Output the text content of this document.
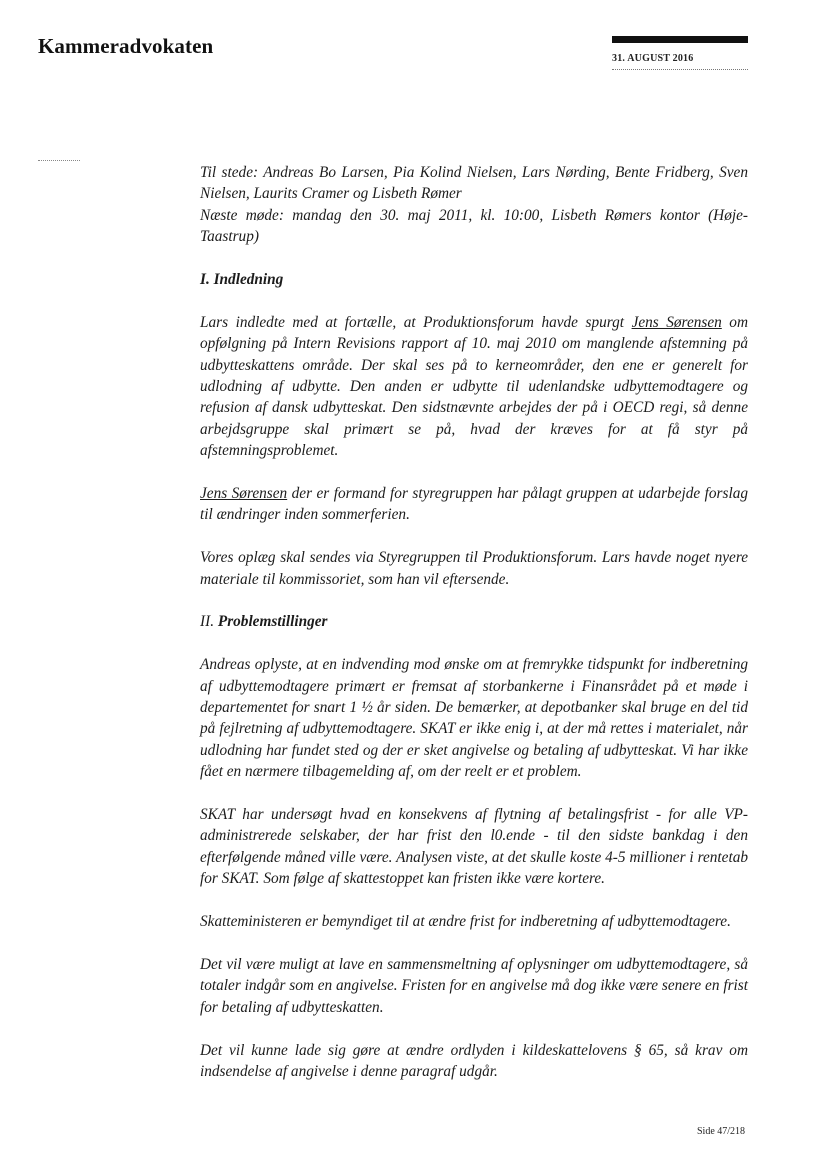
Kammeradvokaten
31. AUGUST 2016

Til stede: Andreas Bo Larsen, Pia Kolind Nielsen, Lars Nørding, Bente Fridberg, Sven Nielsen, Laurits Cramer og Lisbeth Rømer

Næste møde: mandag den 30. maj 2011, kl. 10:00, Lisbeth Rømers kontor (Høje-Taastrup)

I. Indledning

Lars indledte med at fortælle, at Produktionsforum havde spurgt Jens Sørensen om opfølgning på Intern Revisions rapport af 10. maj 2010 om manglende afstemning på udbytteskattens område. Der skal ses på to kerneområder, den ene er generelt for udlodning af udbytte. Den anden er udbytte til udenlandske udbyttemodtagere og refusion af dansk udbytteskat. Den sidstnævnte arbejdes der på i OECD regi, så denne arbejdsgruppe skal primært se på, hvad der kræves for at få styr på afstemningsproblemet.

Jens Sørensen der er formand for styregruppen har pålagt gruppen at udarbejde forslag til ændringer inden sommerferien.

Vores oplæg skal sendes via Styregruppen til Produktionsforum. Lars havde noget nyere materiale til kommissoriet, som han vil eftersende.

II. Problemstillinger

Andreas oplyste, at en indvending mod ønske om at fremrykke tidspunkt for indberetning af udbyttemodtagere primært er fremsat af storbankerne i Finansrådet på et møde i departementet for snart 1 ½ år siden. De bemærker, at depotbanker skal bruge en del tid på fejlretning af udbyttemodtagere. SKAT er ikke enig i, at der må rettes i materialet, når udlodning har fundet sted og der er sket angivelse og betaling af udbytteskat. Vi har ikke fået en nærmere tilbagemelding af, om der reelt er et problem.

SKAT har undersøgt hvad en konsekvens af flytning af betalingsfrist - for alle VP-administrerede selskaber, der har frist den l0.ende - til den sidste bankdag i den efterfølgende måned ville være. Analysen viste, at det skulle koste 4-5 millioner i rentetab for SKAT. Som følge af skattestoppet kan fristen ikke være kortere.

Skatteministeren er bemyndiget til at ændre frist for indberetning af udbyttemodtagere.

Det vil være muligt at lave en sammensmeltning af oplysninger om udbyttemodtagere, så totaler indgår som en angivelse. Fristen for en angivelse må dog ikke være senere en frist for betaling af udbytteskatten.

Det vil kunne lade sig gøre at ændre ordlyden i kildeskattelovens § 65, så krav om indsendelse af angivelse i denne paragraf udgår.

Side 47/218
